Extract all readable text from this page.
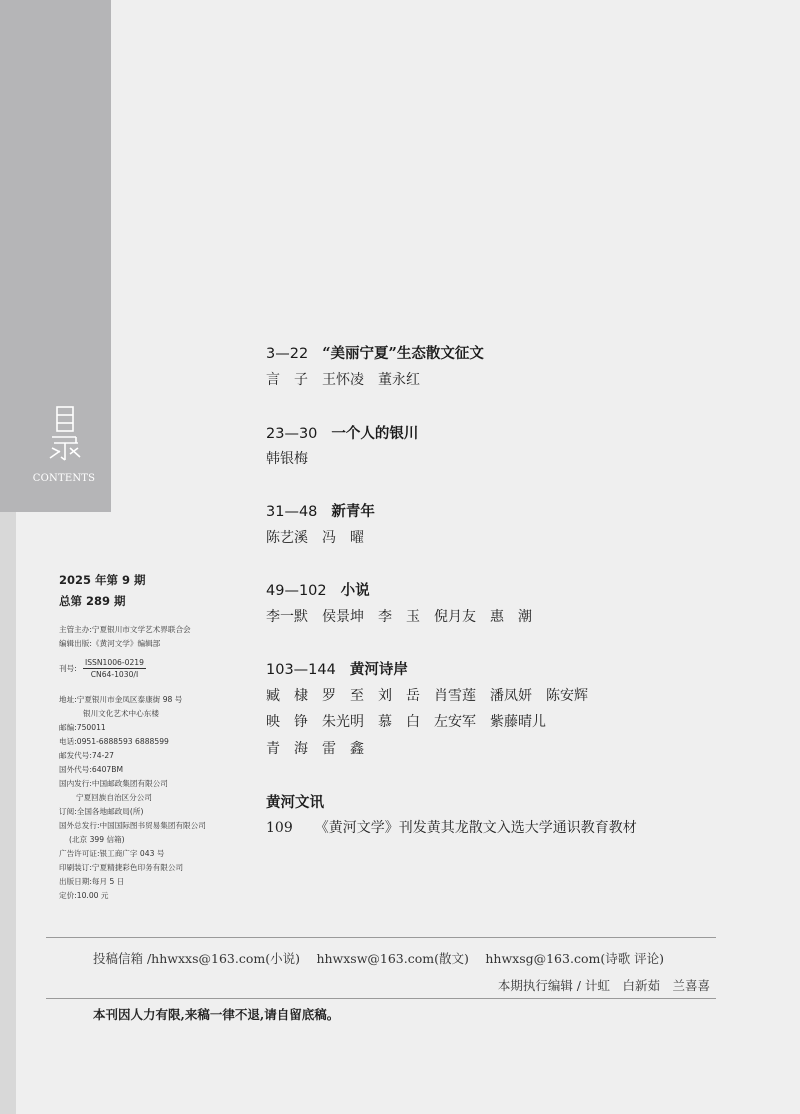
CONTENTS
2025 年第 9 期
总第 289 期
主管主办:宁夏银川市文学艺术界联合会
编辑出版:《黄河文学》编辑部
刊号:
ISSN1006-0219
CN64-1030/I
地址:宁夏银川市金凤区泰康街 98 号
银川文化艺术中心东楼
邮编:750011
电话:0951-6888593 6888599
邮发代号:74-27
国外代号:6407BM
国内发行:中国邮政集团有限公司
宁夏回族自治区分公司
订阅:全国各地邮政局(所)
国外总发行:中国国际图书贸易集团有限公司
(北京 399 信箱)
广告许可证:银工商广字 043 号
印刷装订:宁夏精捷彩色印务有限公司
出版日期:每月 5 日
定价:10.00 元
3—22 “美丽宁夏”生态散文征文
言　子　王怀凌　董永红
23—30 一个人的银川
韩银梅
31—48 新青年
陈艺溪　冯　曜
49—102 小说
李一默　侯景坤　李　玉　倪月友　惠　潮
103—144 黄河诗岸
臧　棣　罗　至　刘　岳　肖雪莲　潘凤妍　陈安辉
映　铮　朱光明　慕　白　左安军　紫藤晴儿
青　海　雷　鑫
黄河文讯
109 《黄河文学》刊发黄其龙散文入选大学通识教育教材
投稿信箱 /hhwxxs@163.com(小说)　 hhwxsw@163.com(散文)　 hhwxsg@163.com(诗歌 评论)
本期执行编辑 / 计虹　白新茹　兰喜喜
本刊因人力有限,来稿一律不退,请自留底稿。
